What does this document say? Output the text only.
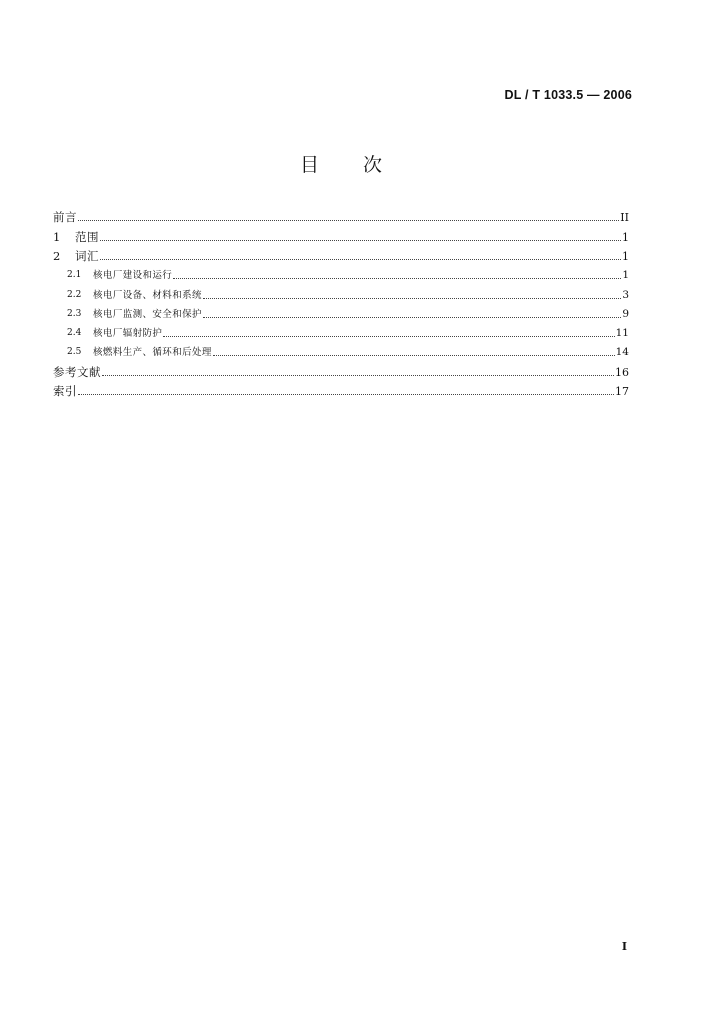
DL / T 1033.5 — 2006
目次
前言	II
1	范围	1
2	词汇	1
2.1	核电厂建设和运行	1
2.2	核电厂设备、材料和系统	3
2.3	核电厂监测、安全和保护	9
2.4	核电厂辐射防护	11
2.5	核燃料生产、循环和后处理	14
参考文献	16
索引	17
I
